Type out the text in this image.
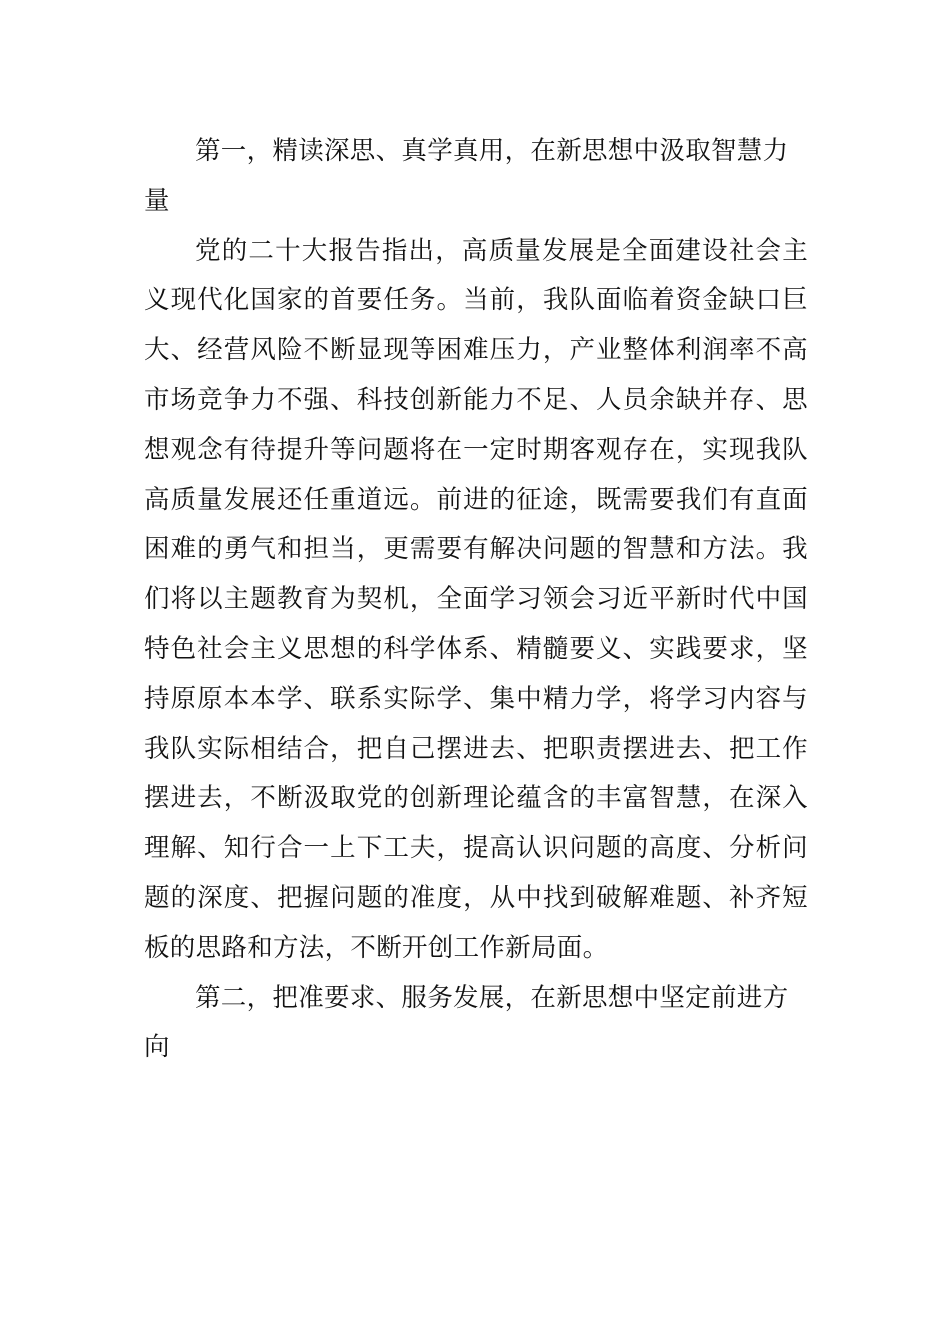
第一，精读深思、真学真用，在新思想中汲取智慧力量

党的二十大报告指出，高质量发展是全面建设社会主义现代化国家的首要任务。当前，我队面临着资金缺口巨大、经营风险不断显现等困难压力，产业整体利润率不高市场竞争力不强、科技创新能力不足、人员余缺并存、思想观念有待提升等问题将在一定时期客观存在，实现我队高质量发展还任重道远。前进的征途，既需要我们有直面困难的勇气和担当，更需要有解决问题的智慧和方法。我们将以主题教育为契机，全面学习领会习近平新时代中国特色社会主义思想的科学体系、精髓要义、实践要求，坚持原原本本学、联系实际学、集中精力学，将学习内容与我队实际相结合，把自己摆进去、把职责摆进去、把工作摆进去，不断汲取党的创新理论蕴含的丰富智慧，在深入理解、知行合一上下工夫，提高认识问题的高度、分析问题的深度、把握问题的准度，从中找到破解难题、补齐短板的思路和方法，不断开创工作新局面。

第二，把准要求、服务发展，在新思想中坚定前进方向
